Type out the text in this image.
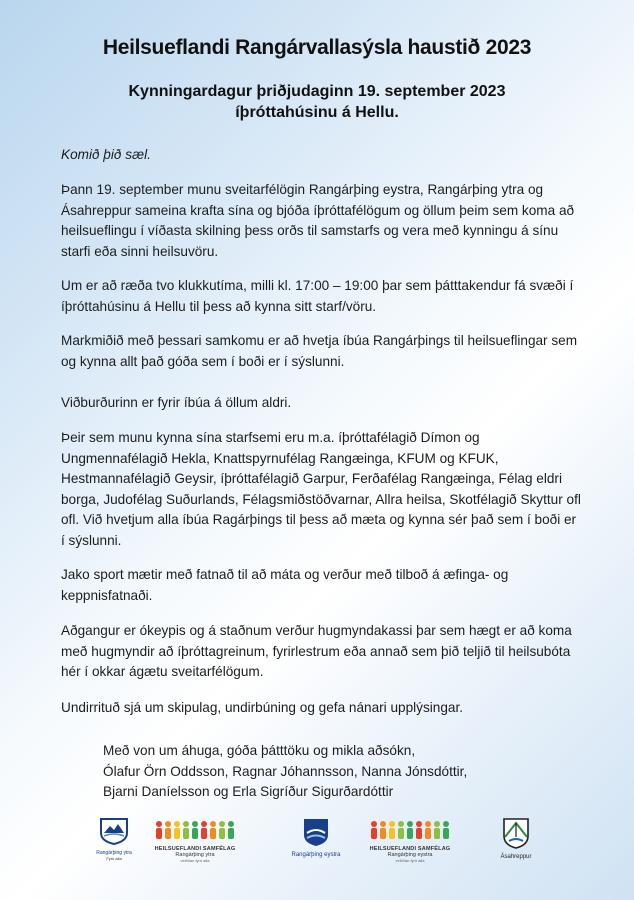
Heilsueflandi Rangárvallasýsla haustið 2023
Kynningardagur þriðjudaginn 19. september 2023
íþróttahúsinu á Hellu.

Komið þið sæl.

Þann 19. september munu sveitarfélögin Rangárþing eystra, Rangárþing ytra og Ásahreppur sameina krafta sína og bjóða íþróttafélögum og öllum þeim sem koma að heilsueflingu í víðasta skilning þess orðs til samstarfs og vera með kynningu á sínu starfi eða sinni heilsuvöru.

Um er að ræða tvo klukkutíma, milli kl. 17:00 – 19:00 þar sem þátttakendur fá svæði í íþróttahúsinu á Hellu til þess að kynna sitt starf/vöru.

Markmiðið með þessari samkomu er að hvetja íbúa Rangárþings til heilsueflingar sem og kynna allt það góða sem í boði er í sýslunni.

Viðburðurinn er fyrir íbúa á öllum aldri.

Þeir sem munu kynna sína starfsemi eru m.a. íþróttafélagið Dímon og Ungmennafélagið Hekla, Knattspyrnufélag Rangæinga, KFUM og KFUK, Hestmannafélagið Geysir, íþróttafélagið Garpur, Ferðafélag Rangæinga, Félag eldri borga, Judofélag Suðurlands, Félagsmiðstöðvarnar, Allra heilsa, Skotfélagið Skyttur ofl ofl. Við hvetjum alla íbúa Ragárþings til þess að mæta og kynna sér það sem í boði er í sýslunni.

Jako sport mætir með fatnað til að máta og verður með tilboð á æfinga- og keppnisfatnaði.

Aðgangur er ókeypis og á staðnum verður hugmyndakassi þar sem hægt er að koma með hugmyndir að íþróttagreinum, fyrirlestrum eða annað sem þið teljið til heilsubóta hér í okkar ágætu sveitarfélögum.

Undirrituð sjá um skipulag, undirbúning og gefa nánari upplýsingar.

Með von um áhuga, góða þátttöku og mikla aðsókn,
Ólafur Örn Oddsson, Ragnar Jóhannsson, Nanna Jónsdóttir,
Bjarni Daníelsson og Erla Sigríður Sigurðardóttir
Rangárþing ytra
Fyrir alla
HEILSUEFLANDI SAMFÉLAG
Rangárþing ytra
vellíðan fyrir alla
Rangárþing eystra
HEILSUEFLANDI SAMFÉLAG
Rangárþing eystra
vellíðan fyrir alla
Ásahreppur
